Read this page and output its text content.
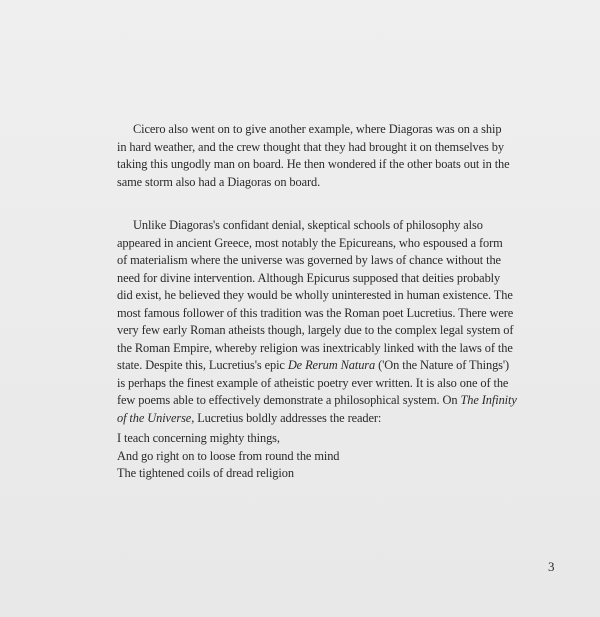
Cicero also went on to give another example, where Diagoras was on a ship
in hard weather, and the crew thought that they had brought it on themselves by
taking this ungodly man on board. He then wondered if the other boats out in the
same storm also had a Diagoras on board.
Unlike Diagoras's confidant denial, skeptical schools of philosophy also
appeared in ancient Greece, most notably the Epicureans, who espoused a form
of materialism where the universe was governed by laws of chance without the
need for divine intervention. Although Epicurus supposed that deities probably
did exist, he believed they would be wholly uninterested in human existence. The
most famous follower of this tradition was the Roman poet Lucretius. There were
very few early Roman atheists though, largely due to the complex legal system of
the Roman Empire, whereby religion was inextricably linked with the laws of the
state. Despite this, Lucretius's epic De Rerum Natura ('On the Nature of Things')
is perhaps the finest example of atheistic poetry ever written. It is also one of the
few poems able to effectively demonstrate a philosophical system. On The Infinity
of the Universe, Lucretius boldly addresses the reader:
I teach concerning mighty things,
And go right on to loose from round the mind
The tightened coils of dread religion
3
